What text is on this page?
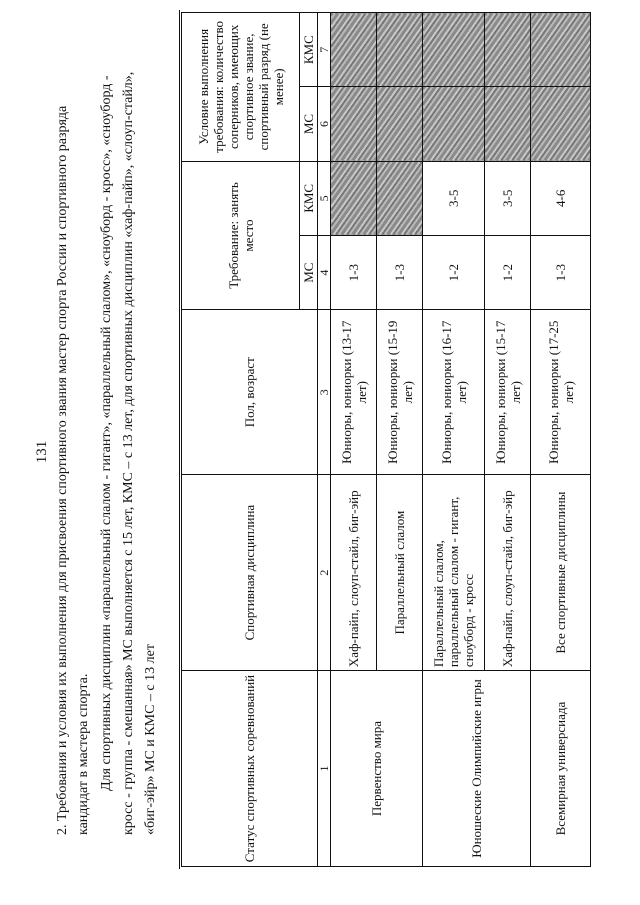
131 2. Требования и условия их выполнения для присвоения спортивного звания мастер спорта России и спортивного разряда кандидат в мастера спорта. Для спортивных дисциплин «параллельный слалом - гигант», «параллельный слалом», «сноуборд - кросс», «сноуборд - кросс - группа - смешанная» МС выполняется с 15 лет, КМС – с 13 лет, для спортивных дисциплин «хаф-пайп», «слоуп-стайл», «биг-эйр» МС и КМС – с 13 лет	Статус спортивных соревнований	Спортивная дисциплина	Пол, возраст	Требование: занять место		Условие выполнения требования: количество соперников, имеющих спортивное звание, спортивный разряд (не менее)	
			МС	КМС	МС	КМС
1	2	3	4	5	6	7
Первенство мира	Хаф-пайп, слоуп-стайл, биг-эйр	Юниоры, юниорки (13-17 лет)	1-3			
	Параллельный слалом	Юниоры, юниорки (15-19 лет)	1-3			
Юношеские Олимпийские игры	Параллельный слалом, параллельный слалом - гигант, сноуборд - кросс	Юниоры, юниорки (16-17 лет)	1-2	3-5		
	Хаф-пайп, слоуп-стайл, биг-эйр	Юниоры, юниорки (15-17 лет)	1-2	3-5		
Всемирная универсиада	Все спортивные дисциплины	Юниоры, юниорки (17-25 лет)	1-3	4-6		
